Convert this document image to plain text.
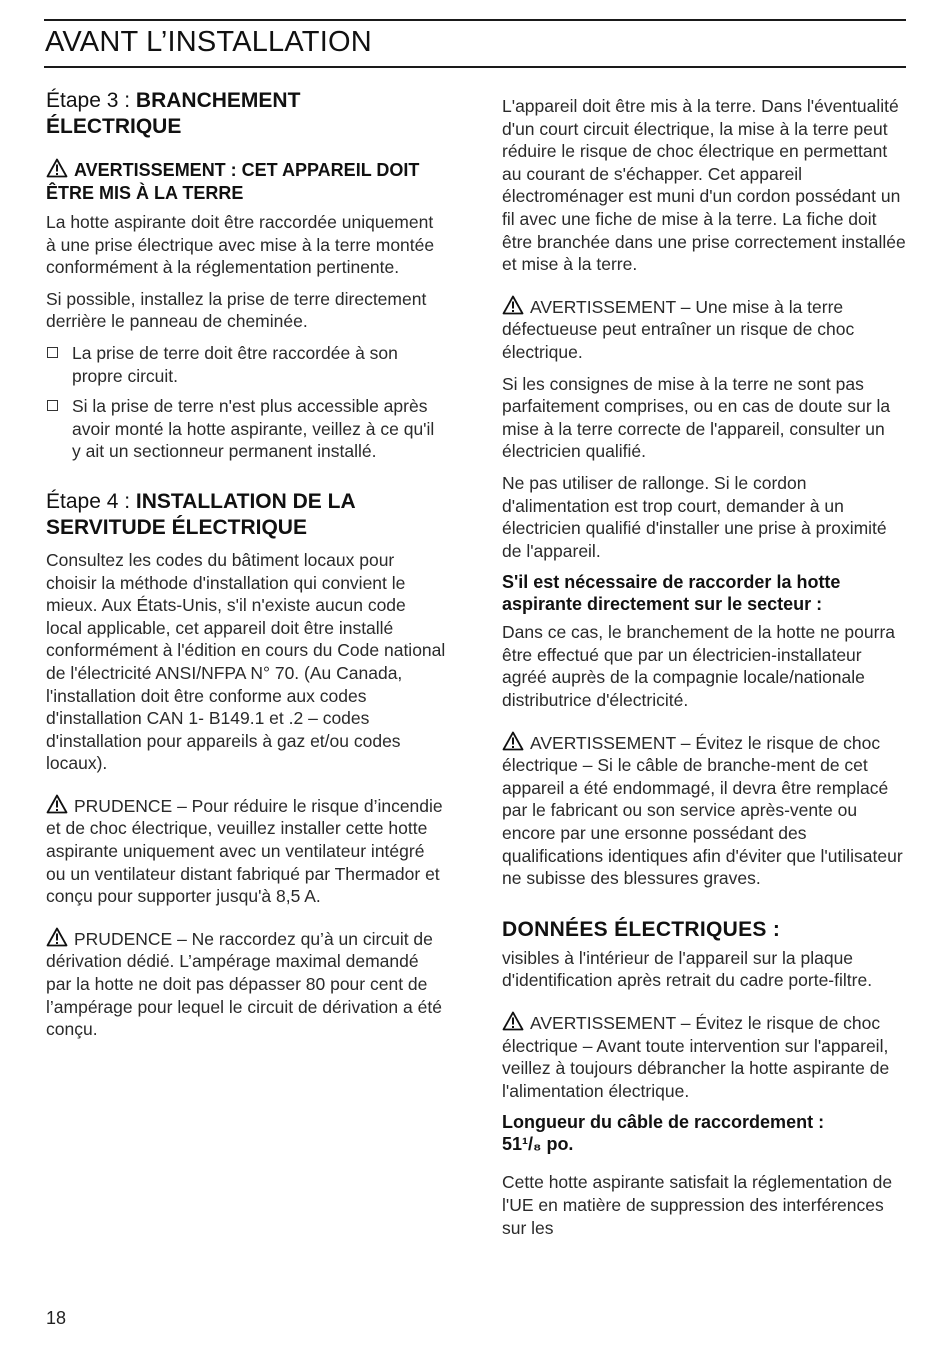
AVANT L’INSTALLATION
Étape 3 : BRANCHEMENT
ÉLECTRIQUE
AVERTISSEMENT : CET APPAREIL DOIT ÊTRE MIS À LA TERRE

La hotte aspirante doit être raccordée uniquement à une prise électrique avec mise à la terre montée conformément à la réglementation pertinente.

Si possible, installez la prise de terre directement derrière le panneau de cheminée.

La prise de terre doit être raccordée à son propre circuit.
Si la prise de terre n'est plus accessible après avoir monté la hotte aspirante, veillez à ce qu'il y ait un sectionneur permanent installé.
Étape 4 : INSTALLATION DE LA
SERVITUDE ÉLECTRIQUE

Consultez les codes du bâtiment locaux pour choisir la méthode d'installation qui convient le mieux. Aux États-Unis, s'il n'existe aucun code local applicable, cet appareil doit être installé conformément à l'édition en cours du Code national de l'électricité ANSI/NFPA N° 70. (Au Canada, l'installation doit être conforme aux codes d'installation CAN 1- B149.1 et .2 – codes d'installation pour appareils à gaz et/ou codes locaux).

PRUDENCE – Pour réduire le risque d’incendie et de choc électrique, veuillez installer cette hotte aspirante uniquement avec un ventilateur intégré ou un ventilateur distant fabriqué par Thermador et conçu pour supporter jusqu'à 8,5 A.

PRUDENCE – Ne raccordez qu’à un circuit de dérivation dédié. L’ampérage maximal demandé par la hotte ne doit pas dépasser 80 pour cent de l’ampérage pour lequel le circuit de dérivation a été conçu.

L'appareil doit être mis à la terre. Dans l'éventualité d'un court circuit électrique, la mise à la terre peut réduire le risque de choc électrique en permettant au courant de s'échapper. Cet appareil électroménager est muni d'un cordon possédant un fil avec une fiche de mise à la terre. La fiche doit être branchée dans une prise correctement installée et mise à la terre.

AVERTISSEMENT – Une mise à la terre défectueuse peut entraîner un risque de choc électrique.

Si les consignes de mise à la terre ne sont pas parfaitement comprises, ou en cas de doute sur la mise à la terre correcte de l'appareil, consulter un électricien qualifié.

Ne pas utiliser de rallonge. Si le cordon d'alimentation est trop court, demander à un électricien qualifié d'installer une prise à proximité de l'appareil.

S'il est nécessaire de raccorder la hotte aspirante directement sur le secteur :

Dans ce cas, le branchement de la hotte ne pourra être effectué que par un électricien-installateur agréé auprès de la compagnie locale/nationale distributrice d'électricité.

AVERTISSEMENT – Évitez le risque de choc électrique – Si le câble de branche-ment de cet appareil a été endommagé, il devra être remplacé par le fabricant ou son service après-vente ou encore par une ersonne possédant des qualifications identiques afin d'éviter que l'utilisateur ne subisse des blessures graves.

DONNÉES ÉLECTRIQUES :

visibles à l'intérieur de l'appareil sur la plaque d'identification après retrait du cadre porte-filtre.

AVERTISSEMENT – Évitez le risque de choc électrique – Avant toute intervention sur l'appareil, veillez à toujours débrancher la hotte aspirante de l'alimentation électrique.

Longueur du câble de raccordement :
51¹/₈ po.

Cette hotte aspirante satisfait la réglementation de l'UE en matière de suppression des interférences sur les

18
